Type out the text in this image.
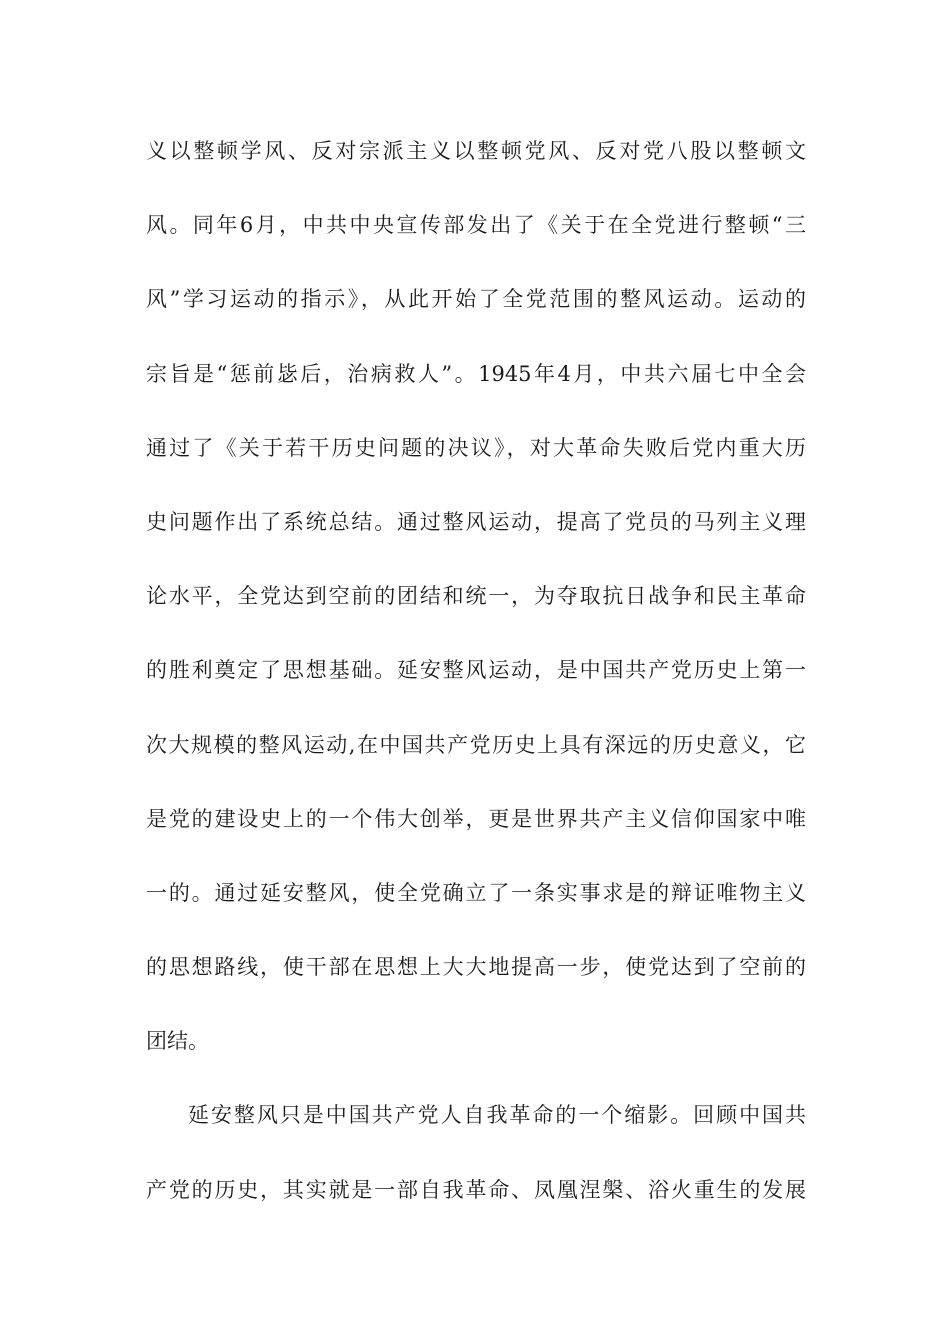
义以整顿学风、反对宗派主义以整顿党风、反对党八股以整顿文
风。同年6月，中共中央宣传部发出了《关于在全党进行整顿“三
风”学习运动的指示》，从此开始了全党范围的整风运动。运动的
宗旨是“惩前毖后，治病救人”。1945年4月，中共六届七中全会
通过了《关于若干历史问题的决议》，对大革命失败后党内重大历
史问题作出了系统总结。通过整风运动，提高了党员的马列主义理
论水平，全党达到空前的团结和统一，为夺取抗日战争和民主革命
的胜利奠定了思想基础。延安整风运动，是中国共产党历史上第一
次大规模的整风运动,在中国共产党历史上具有深远的历史意义，它
是党的建设史上的一个伟大创举，更是世界共产主义信仰国家中唯
一的。通过延安整风，使全党确立了一条实事求是的辩证唯物主义
的思想路线，使干部在思想上大大地提高一步，使党达到了空前的
团结。
延安整风只是中国共产党人自我革命的一个缩影。回顾中国共
产党的历史，其实就是一部自我革命、凤凰涅槃、浴火重生的发展
